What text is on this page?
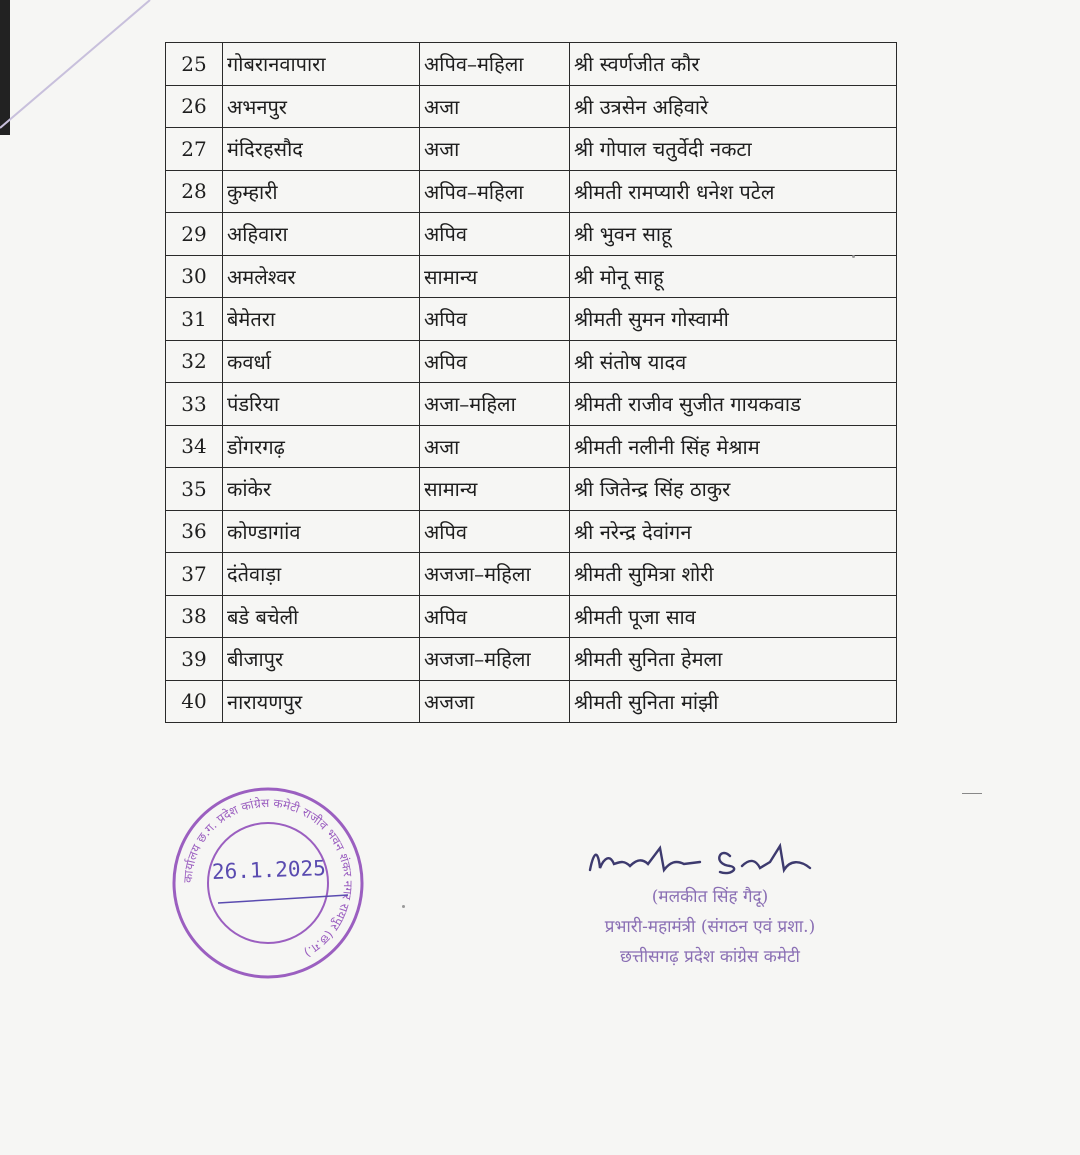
25	गोबरानवापारा	अपिव–महिला	श्री स्वर्णजीत कौर
26	अभनपुर	अजा	श्री उत्रसेन अहिवारे
27	मंदिरहसौद	अजा	श्री गोपाल चतुर्वेदी नकटा
28	कुम्हारी	अपिव–महिला	श्रीमती रामप्यारी धनेश पटेल
29	अहिवारा	अपिव	श्री भुवन साहू
30	अमलेश्वर	सामान्य	श्री मोनू साहू
31	बेमेतरा	अपिव	श्रीमती सुमन गोस्वामी
32	कवर्धा	अपिव	श्री संतोष यादव
33	पंडरिया	अजा–महिला	श्रीमती राजीव सुजीत गायकवाड
34	डोंगरगढ़	अजा	श्रीमती नलीनी सिंह मेश्राम
35	कांकेर	सामान्य	श्री जितेन्द्र सिंह ठाकुर
36	कोण्डागांव	अपिव	श्री नरेन्द्र देवांगन
37	दंतेवाड़ा	अजजा–महिला	श्रीमती सुमित्रा शोरी
38	बडे बचेली	अपिव	श्रीमती पूजा साव
39	बीजापुर	अजजा–महिला	श्रीमती सुनिता हेमला
40	नारायणपुर	अजजा	श्रीमती सुनिता मांझी
कार्यालय छ.ग. प्रदेश कांग्रेस कमेटी राजीव भवन शंकर नगर रायपुर (छ.ग.)
26.1.2025
(मलकीत सिंह गैदू)
प्रभारी-महामंत्री (संगठन एवं प्रशा.)
छत्तीसगढ़ प्रदेश कांग्रेस कमेटी
